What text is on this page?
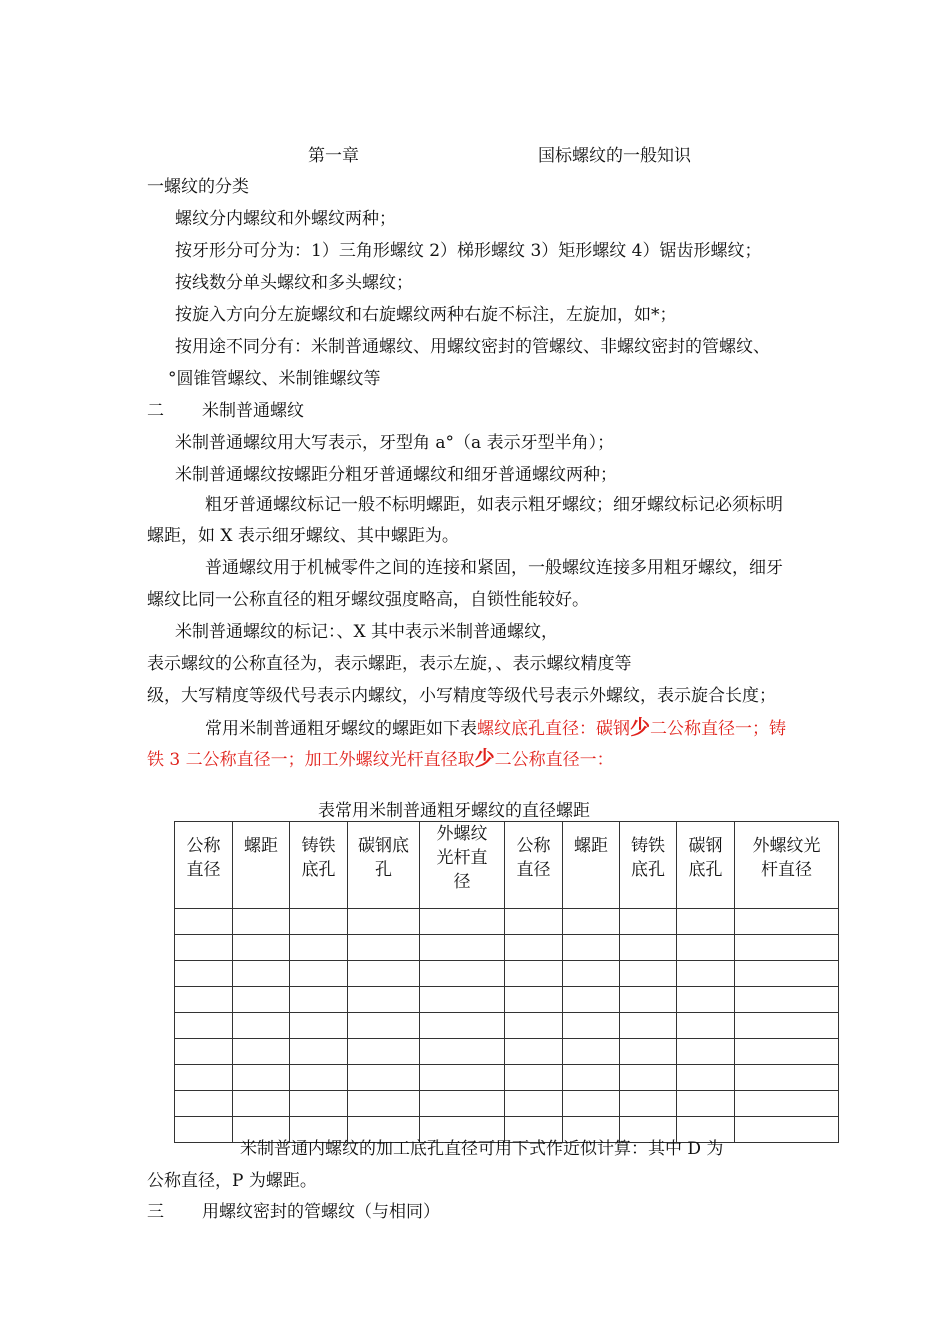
第一章	国标螺纹的一般知识
一螺纹的分类
螺纹分内螺纹和外螺纹两种；
按牙形分可分为：1）三角形螺纹 2）梯形螺纹 3）矩形螺纹 4）锯齿形螺纹；
按线数分单头螺纹和多头螺纹；
按旋入方向分左旋螺纹和右旋螺纹两种右旋不标注，左旋加，如*；
按用途不同分有：米制普通螺纹、用螺纹密封的管螺纹、非螺纹密封的管螺纹、
°圆锥管螺纹、米制锥螺纹等
二 米制普通螺纹
米制普通螺纹用大写表示，牙型角 a°（a 表示牙型半角）；
米制普通螺纹按螺距分粗牙普通螺纹和细牙普通螺纹两种；
粗牙普通螺纹标记一般不标明螺距，如表示粗牙螺纹；细牙螺纹标记必须标明
螺距，如 X 表示细牙螺纹、其中螺距为。
普通螺纹用于机械零件之间的连接和紧固，一般螺纹连接多用粗牙螺纹，细牙
螺纹比同一公称直径的粗牙螺纹强度略高，自锁性能较好。
米制普通螺纹的标记：、X 其中表示米制普通螺纹，
表示螺纹的公称直径为，表示螺距，表示左旋，、表示螺纹精度等
级，大写精度等级代号表示内螺纹，小写精度等级代号表示外螺纹，表示旋合长度；
常用米制普通粗牙螺纹的螺距如下表螺纹底孔直径：碳钢少二公称直径一；铸
铁 3 二公称直径一；加工外螺纹光杆直径取少二公称直径一：
表常用米制普通粗牙螺纹的直径螺距
公称直径	螺距	铸铁底孔	碳钢底孔	外螺纹光杆直径	公称直径	螺距	铸铁底孔	碳钢底孔	外螺纹光杆直径

米制普通内螺纹的加工底孔直径可用下式作近似计算：其中 D 为
公称直径，P 为螺距。
三 用螺纹密封的管螺纹（与相同）
